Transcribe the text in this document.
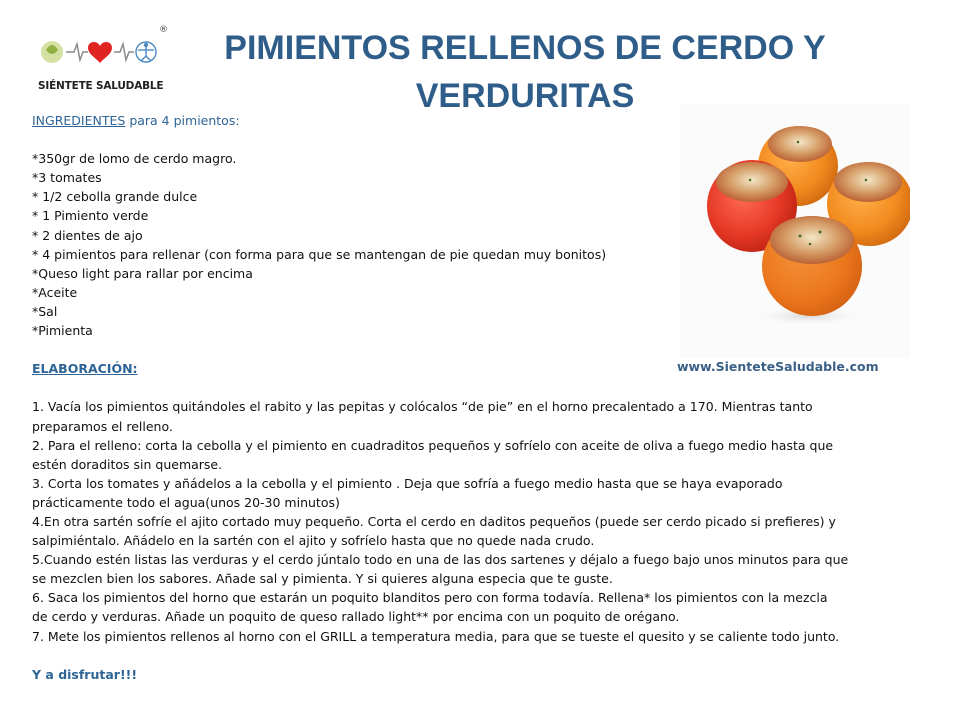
®
SIÉNTETE SALUDABLE
PIMIENTOS RELLENOS DE CERDO Y
VERDURITAS
www.SienteteSaludable.com

INGREDIENTES para 4 pimientos:

*350gr de lomo de cerdo magro.

*3 tomates

* 1/2 cebolla grande dulce

* 1 Pimiento verde

* 2 dientes de ajo

* 4 pimientos para rellenar (con forma para que se mantengan de pie quedan muy bonitos)

*Queso light para rallar por encima

*Aceite

*Sal

*Pimienta

ELABORACIÓN:

1. Vacía los pimientos quitándoles el rabito y las pepitas y colócalos “de pie” en el horno precalentado a 170. Mientras tanto

preparamos el relleno.

2. Para el relleno: corta la cebolla y el pimiento en cuadraditos pequeños y sofríelo con aceite de oliva a fuego medio hasta que

estén doraditos sin quemarse.

3. Corta los tomates y añádelos a la cebolla y el pimiento . Deja que sofría a fuego medio hasta que se haya evaporado

prácticamente todo el agua(unos 20-30 minutos)

4.En otra sartén sofríe el ajito cortado muy pequeño. Corta el cerdo en daditos pequeños (puede ser cerdo picado si prefieres) y

salpimiéntalo. Añádelo en la sartén con el ajito y sofríelo hasta que no quede nada crudo.

5.Cuando estén listas las verduras y el cerdo júntalo todo en una de las dos sartenes y déjalo a fuego bajo unos minutos para que

se mezclen bien los sabores. Añade sal y pimienta. Y si quieres alguna especia que te guste.

6. Saca los pimientos del horno que estarán un poquito blanditos pero con forma todavía. Rellena* los pimientos con la mezcla

de cerdo y verduras. Añade un poquito de queso rallado light** por encima con un poquito de orégano.

7. Mete los pimientos rellenos al horno con el GRILL a temperatura media, para que se tueste el quesito y se caliente todo junto.

Y a disfrutar!!!
